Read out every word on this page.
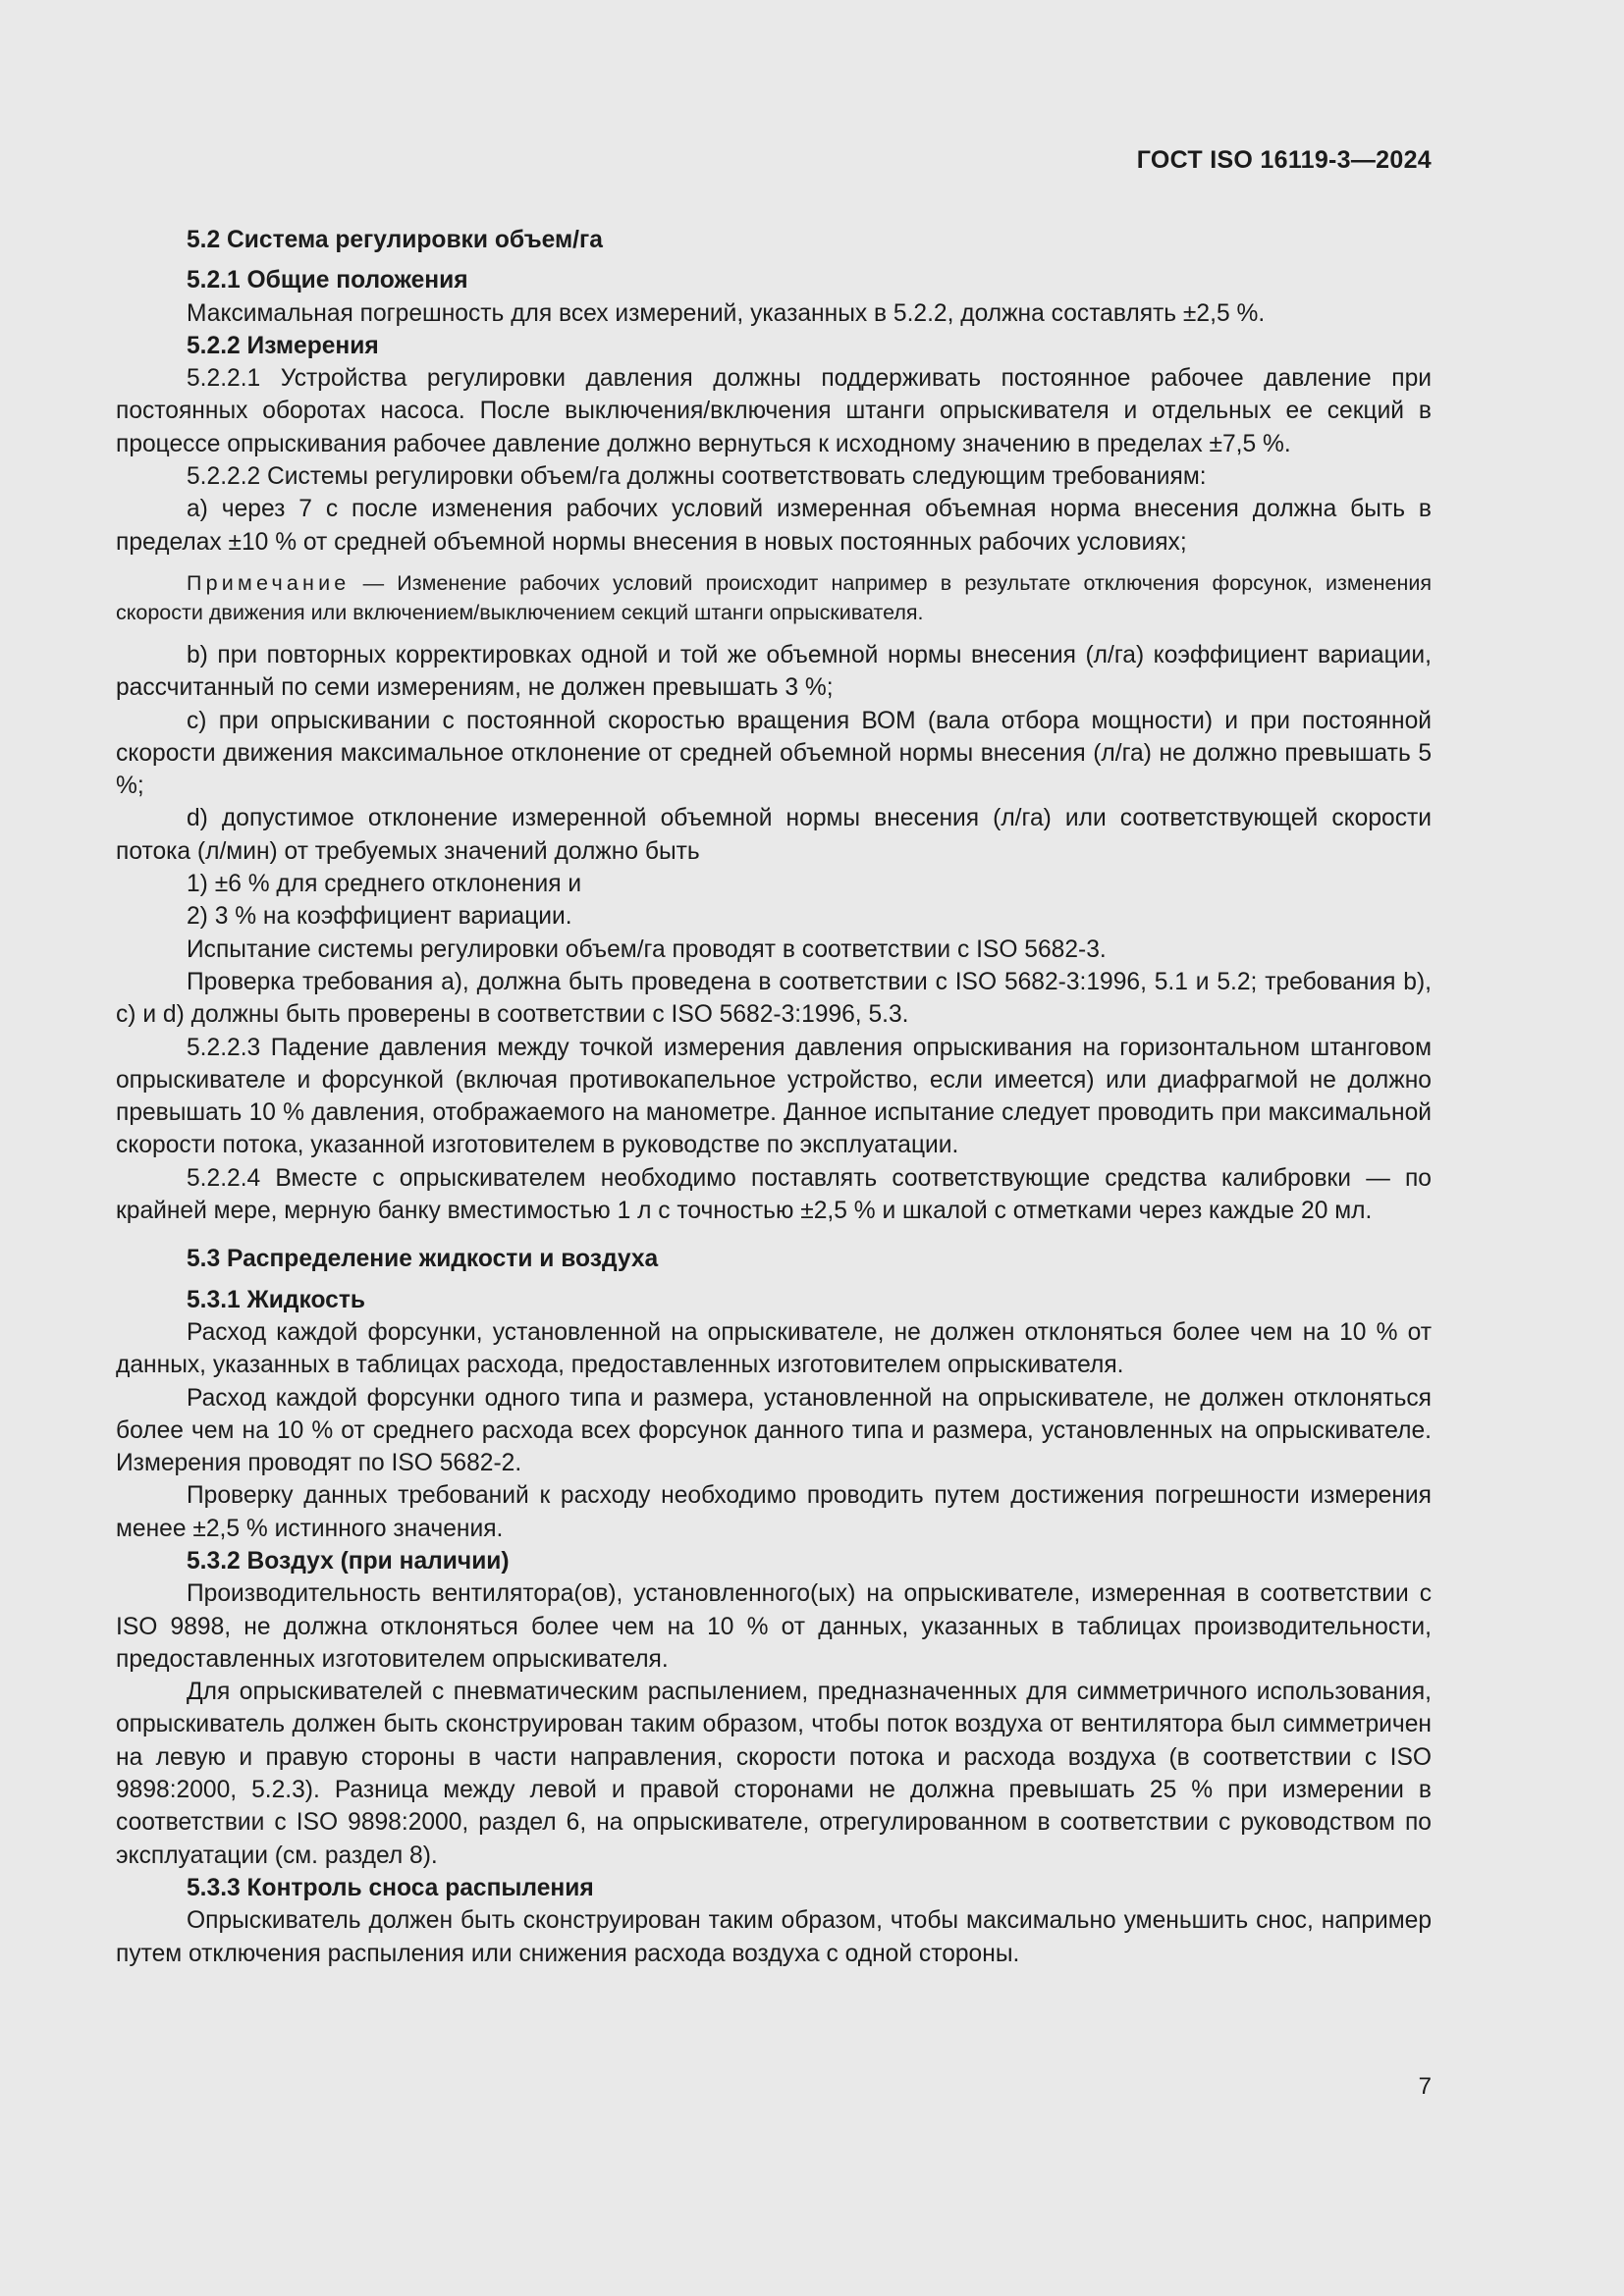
ГОСТ ISO 16119-3—2024

5.2 Система регулировки объем/га

5.2.1 Общие положения

Максимальная погрешность для всех измерений, указанных в 5.2.2, должна составлять ±2,5 %.

5.2.2 Измерения

5.2.2.1 Устройства регулировки давления должны поддерживать постоянное рабочее давление при постоянных оборотах насоса. После выключения/включения штанги опрыскивателя и отдельных ее секций в процессе опрыскивания рабочее давление должно вернуться к исходному значению в пределах ±7,5 %.

5.2.2.2 Системы регулировки объем/га должны соответствовать следующим требованиям:

a) через 7 с после изменения рабочих условий измеренная объемная норма внесения должна быть в пределах ±10 % от средней объемной нормы внесения в новых постоянных рабочих условиях;

Примечание — Изменение рабочих условий происходит например в результате отключения форсунок, изменения скорости движения или включением/выключением секций штанги опрыскивателя.

b) при повторных корректировках одной и той же объемной нормы внесения (л/га) коэффициент вариации, рассчитанный по семи измерениям, не должен превышать 3 %;

c) при опрыскивании с постоянной скоростью вращения ВОМ (вала отбора мощности) и при постоянной скорости движения максимальное отклонение от средней объемной нормы внесения (л/га) не должно превышать 5 %;

d) допустимое отклонение измеренной объемной нормы внесения (л/га) или соответствующей скорости потока (л/мин) от требуемых значений должно быть

1) ±6 % для среднего отклонения и

2) 3 % на коэффициент вариации.

Испытание системы регулировки объем/га проводят в соответствии с ISO 5682-3.

Проверка требования a), должна быть проведена в соответствии с ISO 5682-3:1996, 5.1 и 5.2; требования b), c) и d) должны быть проверены в соответствии с ISO 5682-3:1996, 5.3.

5.2.2.3 Падение давления между точкой измерения давления опрыскивания на горизонтальном штанговом опрыскивателе и форсункой (включая противокапельное устройство, если имеется) или диафрагмой не должно превышать 10 % давления, отображаемого на манометре. Данное испытание следует проводить при максимальной скорости потока, указанной изготовителем в руководстве по эксплуатации.

5.2.2.4 Вместе с опрыскивателем необходимо поставлять соответствующие средства калибровки — по крайней мере, мерную банку вместимостью 1 л с точностью ±2,5 % и шкалой с отметками через каждые 20 мл.

5.3 Распределение жидкости и воздуха

5.3.1 Жидкость

Расход каждой форсунки, установленной на опрыскивателе, не должен отклоняться более чем на 10 % от данных, указанных в таблицах расхода, предоставленных изготовителем опрыскивателя.

Расход каждой форсунки одного типа и размера, установленной на опрыскивателе, не должен отклоняться более чем на 10 % от среднего расхода всех форсунок данного типа и размера, установленных на опрыскивателе. Измерения проводят по ISO 5682-2.

Проверку данных требований к расходу необходимо проводить путем достижения погрешности измерения менее ±2,5 % истинного значения.

5.3.2 Воздух (при наличии)

Производительность вентилятора(ов), установленного(ых) на опрыскивателе, измеренная в соответствии с ISO 9898, не должна отклоняться более чем на 10 % от данных, указанных в таблицах производительности, предоставленных изготовителем опрыскивателя.

Для опрыскивателей с пневматическим распылением, предназначенных для симметричного использования, опрыскиватель должен быть сконструирован таким образом, чтобы поток воздуха от вентилятора был симметричен на левую и правую стороны в части направления, скорости потока и расхода воздуха (в соответствии с ISO 9898:2000, 5.2.3). Разница между левой и правой сторонами не должна превышать 25 % при измерении в соответствии с ISO 9898:2000, раздел 6, на опрыскивателе, отрегулированном в соответствии с руководством по эксплуатации (см. раздел 8).

5.3.3 Контроль сноса распыления

Опрыскиватель должен быть сконструирован таким образом, чтобы максимально уменьшить снос, например путем отключения распыления или снижения расхода воздуха с одной стороны.

7
